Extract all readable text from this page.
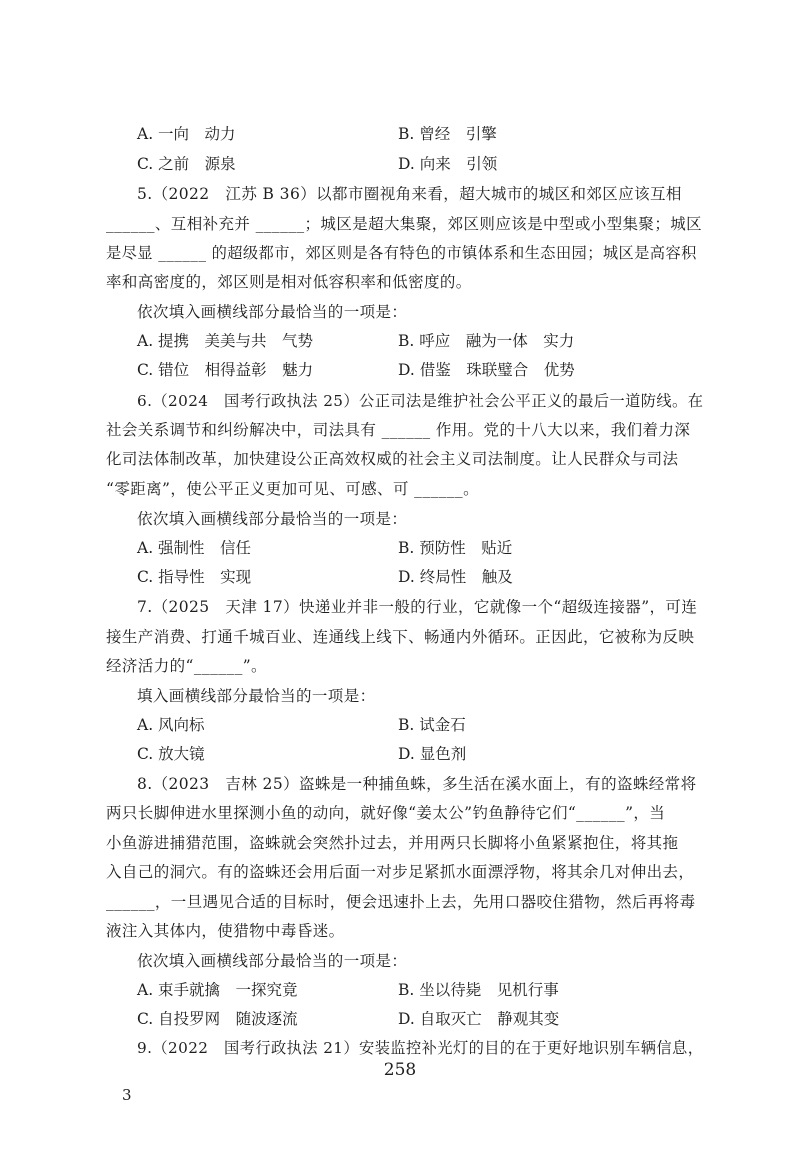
A. 一向　动力	B. 曾经　引擎
C. 之前　源泉	D. 向来　引领
5.（2022　江苏 B 36）以都市圈视角来看，超大城市的城区和郊区应该互相
______、互相补充并 ______；城区是超大集聚，郊区则应该是中型或小型集聚；城区
是尽显 ______ 的超级都市，郊区则是各有特色的市镇体系和生态田园；城区是高容积
率和高密度的，郊区则是相对低容积率和低密度的。
依次填入画横线部分最恰当的一项是：
A. 提携　美美与共　气势	B. 呼应　融为一体　实力
C. 错位　相得益彰　魅力	D. 借鉴　珠联璧合　优势
6.（2024　国考行政执法 25）公正司法是维护社会公平正义的最后一道防线。在
社会关系调节和纠纷解决中，司法具有 ______ 作用。党的十八大以来，我们着力深
化司法体制改革，加快建设公正高效权威的社会主义司法制度。让人民群众与司法
“零距离”，使公平正义更加可见、可感、可 ______。
依次填入画横线部分最恰当的一项是：
A. 强制性　信任	B. 预防性　贴近
C. 指导性　实现	D. 终局性　触及
7.（2025　天津 17）快递业并非一般的行业，它就像一个“超级连接器”，可连
接生产消费、打通千城百业、连通线上线下、畅通内外循环。正因此，它被称为反映
经济活力的“______”。
填入画横线部分最恰当的一项是：
A. 风向标	B. 试金石
C. 放大镜	D. 显色剂
8.（2023　吉林 25）盗蛛是一种捕鱼蛛，多生活在溪水面上，有的盗蛛经常将
两只长脚伸进水里探测小鱼的动向，就好像“姜太公”钓鱼静待它们“______”，当
小鱼游进捕猎范围，盗蛛就会突然扑过去，并用两只长脚将小鱼紧紧抱住，将其拖
入自己的洞穴。有的盗蛛还会用后面一对步足紧抓水面漂浮物，将其余几对伸出去，
______，一旦遇见合适的目标时，便会迅速扑上去，先用口器咬住猎物，然后再将毒
液注入其体内，使猎物中毒昏迷。
依次填入画横线部分最恰当的一项是：
A. 束手就擒　一探究竟	B. 坐以待毙　见机行事
C. 自投罗网　随波逐流	D. 自取灭亡　静观其变
9.（2022　国考行政执法 21）安装监控补光灯的目的在于更好地识别车辆信息，
258
3
